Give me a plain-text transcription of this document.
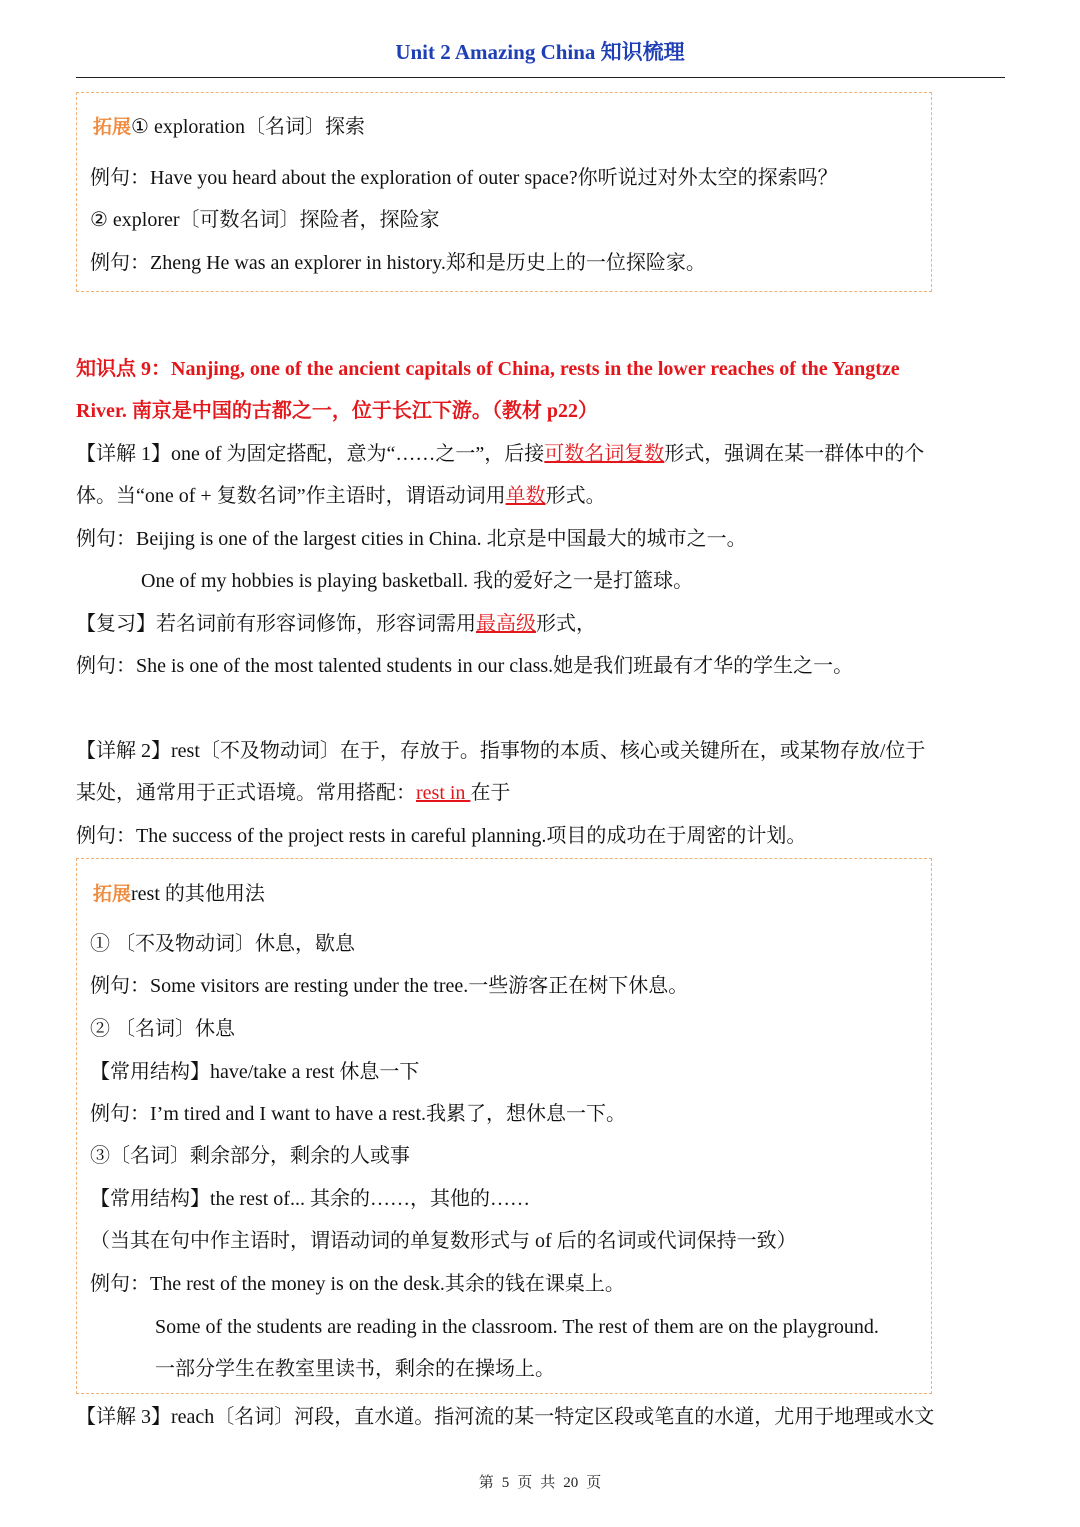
Unit 2 Amazing China 知识梳理
拓展① exploration〔名词〕探索
例句：Have you heard about the exploration of outer space?你听说过对外太空的探索吗？
② explorer〔可数名词〕探险者，探险家
例句：Zheng He was an explorer in history.郑和是历史上的一位探险家。
知识点 9：Nanjing, one of the ancient capitals of China, rests in the lower reaches of the Yangtze
River. 南京是中国的古都之一，位于长江下游。（教材 p22）
【详解 1】one of 为固定搭配，意为“……之一”，后接可数名词复数形式，强调在某一群体中的个
体。当“one of + 复数名词”作主语时，谓语动词用单数形式。
例句：Beijing is one of the largest cities in China. 北京是中国最大的城市之一。
One of my hobbies is playing basketball. 我的爱好之一是打篮球。
【复习】若名词前有形容词修饰，形容词需用最高级形式，
例句：She is one of the most talented students in our class.她是我们班最有才华的学生之一。
【详解 2】rest〔不及物动词〕在于，存放于。指事物的本质、核心或关键所在，或某物存放/位于
某处，通常用于正式语境。常用搭配：rest in 在于
例句：The success of the project rests in careful planning.项目的成功在于周密的计划。
拓展rest 的其他用法
① 〔不及物动词〕休息，歇息
例句：Some visitors are resting under the tree.一些游客正在树下休息。
② 〔名词〕休息
【常用结构】have/take a rest 休息一下
例句：I’m tired and I want to have a rest.我累了，想休息一下。
③〔名词〕剩余部分，剩余的人或事
【常用结构】the rest of... 其余的……，其他的……
（当其在句中作主语时，谓语动词的单复数形式与 of 后的名词或代词保持一致）
例句：The rest of the money is on the desk.其余的钱在课桌上。
Some of the students are reading in the classroom. The rest of them are on the playground.
一部分学生在教室里读书，剩余的在操场上。
【详解 3】reach〔名词〕河段，直水道。指河流的某一特定区段或笔直的水道，尤用于地理或水文
第 5 页 共 20 页
